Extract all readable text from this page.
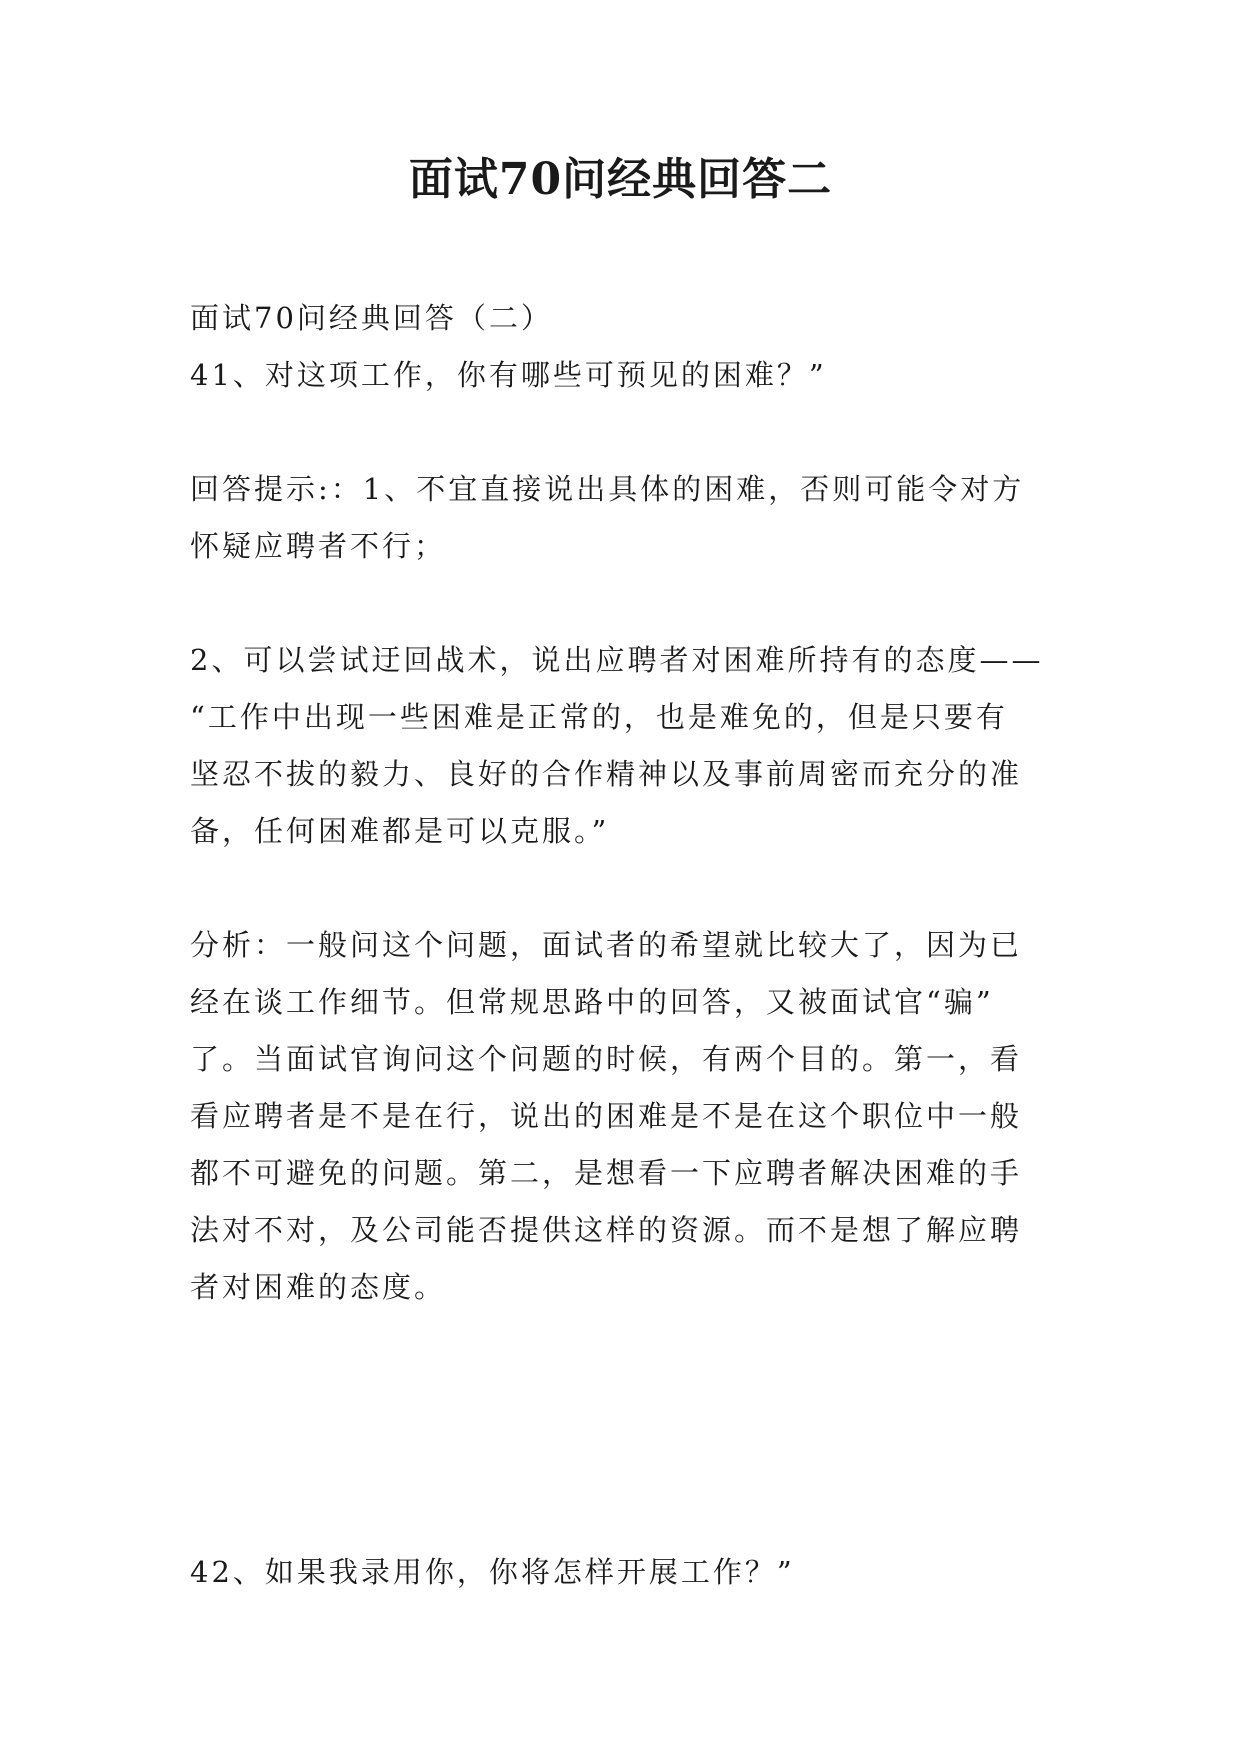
面试70问经典回答二
面试70问经典回答（二）
41、对这项工作，你有哪些可预见的困难？”
回答提示:：1、不宜直接说出具体的困难，否则可能令对方
怀疑应聘者不行；
2、可以尝试迂回战术，说出应聘者对困难所持有的态度——
“工作中出现一些困难是正常的，也是难免的，但是只要有
坚忍不拔的毅力、良好的合作精神以及事前周密而充分的准
备，任何困难都是可以克服。”
分析：一般问这个问题，面试者的希望就比较大了，因为已
经在谈工作细节。但常规思路中的回答，又被面试官“骗”
了。当面试官询问这个问题的时候，有两个目的。第一，看
看应聘者是不是在行，说出的困难是不是在这个职位中一般
都不可避免的问题。第二，是想看一下应聘者解决困难的手
法对不对，及公司能否提供这样的资源。而不是想了解应聘
者对困难的态度。
42、如果我录用你，你将怎样开展工作？”
